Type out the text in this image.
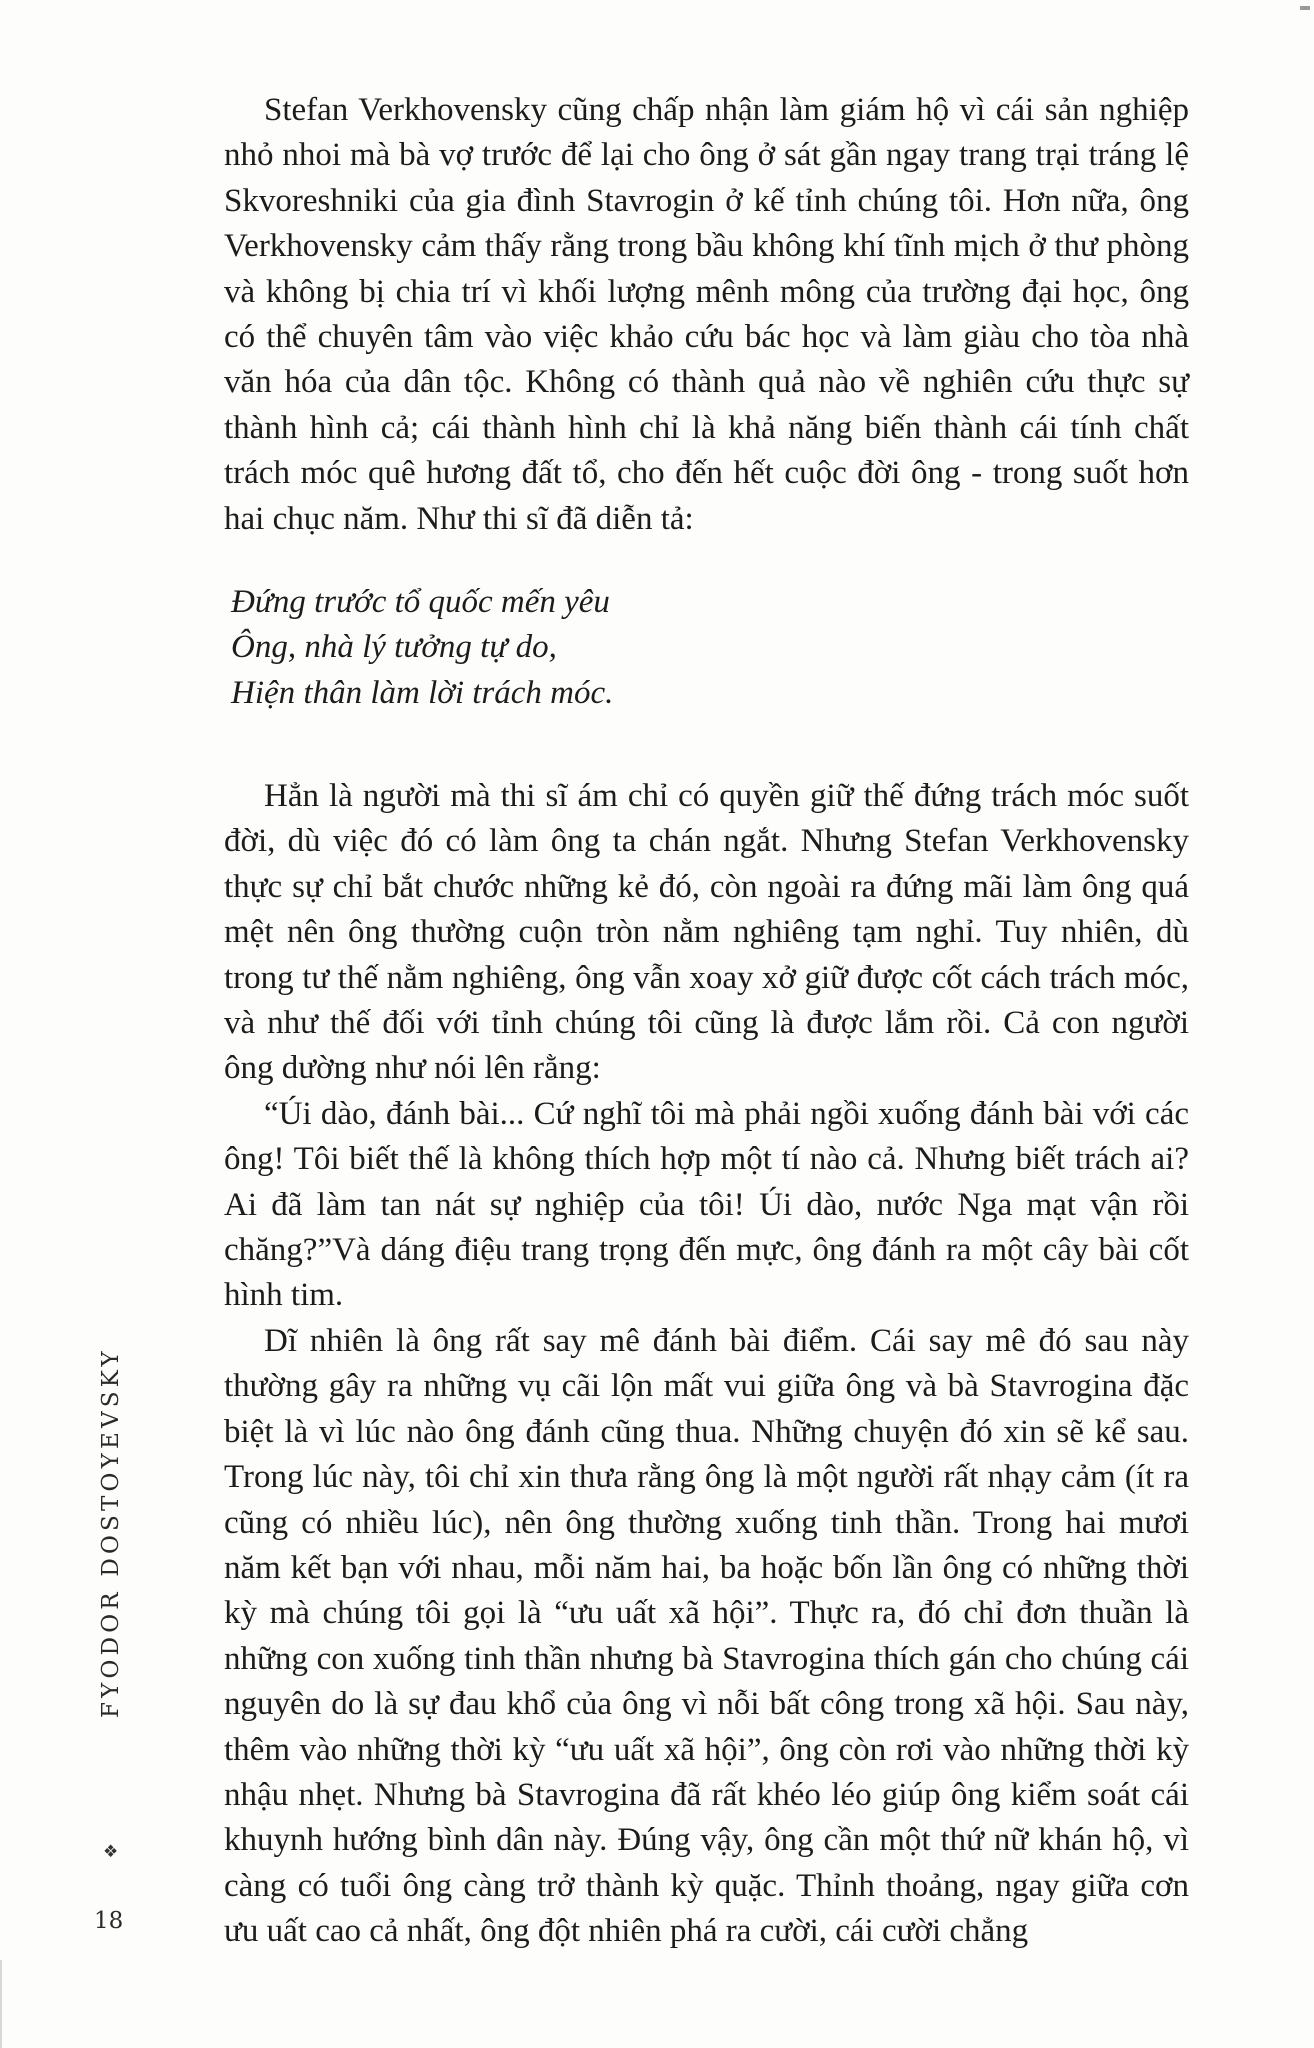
Stefan Verkhovensky cũng chấp nhận làm giám hộ vì cái sản nghiệp nhỏ nhoi mà bà vợ trước để lại cho ông ở sát gần ngay trang trại tráng lệ Skvoreshniki của gia đình Stavrogin ở kế tỉnh chúng tôi. Hơn nữa, ông Verkhovensky cảm thấy rằng trong bầu không khí tĩnh mịch ở thư phòng và không bị chia trí vì khối lượng mênh mông của trường đại học, ông có thể chuyên tâm vào việc khảo cứu bác học và làm giàu cho tòa nhà văn hóa của dân tộc. Không có thành quả nào về nghiên cứu thực sự thành hình cả; cái thành hình chỉ là khả năng biến thành cái tính chất trách móc quê hương đất tổ, cho đến hết cuộc đời ông - trong suốt hơn hai chục năm. Như thi sĩ đã diễn tả:

Đứng trước tổ quốc mến yêu
Ông, nhà lý tưởng tự do,
Hiện thân làm lời trách móc.

Hẳn là người mà thi sĩ ám chỉ có quyền giữ thế đứng trách móc suốt đời, dù việc đó có làm ông ta chán ngắt. Nhưng Stefan Verkhovensky thực sự chỉ bắt chước những kẻ đó, còn ngoài ra đứng mãi làm ông quá mệt nên ông thường cuộn tròn nằm nghiêng tạm nghỉ. Tuy nhiên, dù trong tư thế nằm nghiêng, ông vẫn xoay xở giữ được cốt cách trách móc, và như thế đối với tỉnh chúng tôi cũng là được lắm rồi. Cả con người ông dường như nói lên rằng:

“Úi dào, đánh bài... Cứ nghĩ tôi mà phải ngồi xuống đánh bài với các ông! Tôi biết thế là không thích hợp một tí nào cả. Nhưng biết trách ai? Ai đã làm tan nát sự nghiệp của tôi! Úi dào, nước Nga mạt vận rồi chăng?”Và dáng điệu trang trọng đến mực, ông đánh ra một cây bài cốt hình tim.

Dĩ nhiên là ông rất say mê đánh bài điểm. Cái say mê đó sau này thường gây ra những vụ cãi lộn mất vui giữa ông và bà Stavrogina đặc biệt là vì lúc nào ông đánh cũng thua. Những chuyện đó xin sẽ kể sau. Trong lúc này, tôi chỉ xin thưa rằng ông là một người rất nhạy cảm (ít ra cũng có nhiều lúc), nên ông thường xuống tinh thần. Trong hai mươi năm kết bạn với nhau, mỗi năm hai, ba hoặc bốn lần ông có những thời kỳ mà chúng tôi gọi là “ưu uất xã hội”. Thực ra, đó chỉ đơn thuần là những con xuống tinh thần nhưng bà Stavrogina thích gán cho chúng cái nguyên do là sự đau khổ của ông vì nỗi bất công trong xã hội. Sau này, thêm vào những thời kỳ “ưu uất xã hội”, ông còn rơi vào những thời kỳ nhậu nhẹt. Nhưng bà Stavrogina đã rất khéo léo giúp ông kiểm soát cái khuynh hướng bình dân này. Đúng vậy, ông cần một thứ nữ khán hộ, vì càng có tuổi ông càng trở thành kỳ quặc. Thỉnh thoảng, ngay giữa cơn ưu uất cao cả nhất, ông đột nhiên phá ra cười, cái cười chẳng

FYODOR DOSTOYEVSKY
❖
18
